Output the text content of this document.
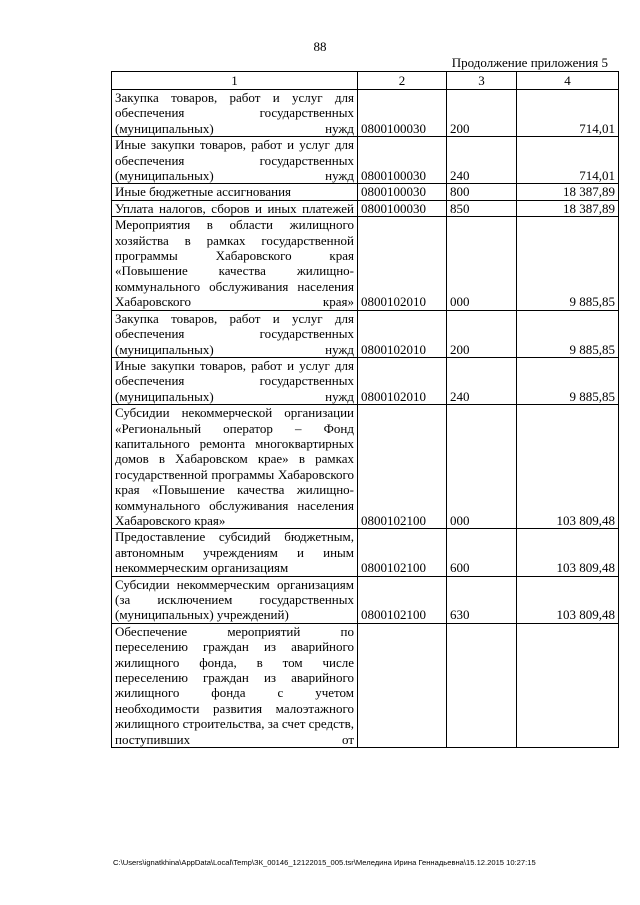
88
Продолжение приложения 5
1	2	3	4
Закупка товаров, работ и услуг для обеспечения государственных (муниципальных) нужд	0800100030	200	714,01
Иные закупки товаров, работ и услуг для обеспечения государственных (муниципальных) нужд	0800100030	240	714,01
Иные бюджетные ассигнования	0800100030	800	18 387,89
Уплата налогов, сборов и иных платежей	0800100030	850	18 387,89
Мероприятия в области жилищного хозяйства в рамках государственной программы Хабаровского края «Повышение качества жилищно-коммунального обслуживания населения Хабаровского края»	0800102010	000	9 885,85
Закупка товаров, работ и услуг для обеспечения государственных (муниципальных) нужд	0800102010	200	9 885,85
Иные закупки товаров, работ и услуг для обеспечения государственных (муниципальных) нужд	0800102010	240	9 885,85
Субсидии некоммерческой организации «Региональный оператор – Фонд капитального ремонта многоквартирных домов в Хабаровском крае» в рамках государственной программы Хабаровского края «Повышение качества жилищно-коммунального обслуживания населения Хабаровского края»	0800102100	000	103 809,48
Предоставление субсидий бюджетным, автономным учреждениям и иным некоммерческим организациям	0800102100	600	103 809,48
Субсидии некоммерческим организациям (за исключением государственных (муниципальных) учреждений)	0800102100	630	103 809,48
Обеспечение мероприятий по переселению граждан из аварийного жилищного фонда, в том числе переселению граждан из аварийного жилищного фонда с учетом необходимости развития малоэтажного жилищного строительства, за счет средств, поступивших от			
C:\Users\ignatkhina\AppData\Local\Temp\ЗК_00146_12122015_005.tsr\Меледина Ирина Геннадьевна\15.12.2015 10:27:15
